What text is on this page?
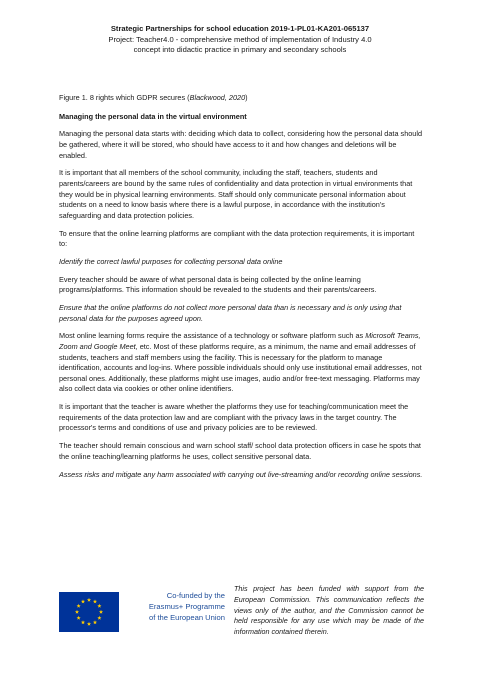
Strategic Partnerships for school education 2019-1-PL01-KA201-065137
Project: Teacher4.0 - comprehensive method of implementation of Industry 4.0
concept into didactic practice in primary and secondary schools

Figure 1. 8 rights which GDPR secures (Blackwood, 2020)

Managing the personal data in the virtual environment

Managing the personal data starts with: deciding which data to collect, considering how the personal data should be gathered, where it will be stored, who should have access to it and how changes and deletions will be enabled.

It is important that all members of the school community, including the staff, teachers, students and parents/careers are bound by the same rules of confidentiality and data protection in virtual environments that they would be in physical learning environments. Staff should only communicate personal information about students on a need to know basis where there is a lawful purpose, in accordance with the institution's safeguarding and data protection policies.

To ensure that the online learning platforms are compliant with the data protection requirements, it is important to:

Identify the correct lawful purposes for collecting personal data online

Every teacher should be aware of what personal data is being collected by the online learning programs/platforms. This information should be revealed to the students and their parents/careers.

Ensure that the online platforms do not collect more personal data than is necessary and is only using that personal data for the purposes agreed upon.

Most online learning forms require the assistance of a technology or software platform such as Microsoft Teams, Zoom and Google Meet, etc. Most of these platforms require, as a minimum, the name and email addresses of students, teachers and staff members using the facility. This is necessary for the platform to manage identification, accounts and log-ins. Where possible individuals should only use institutional email addresses, not personal ones. Additionally, these platforms might use images, audio and/or free-text messaging. Platforms may also collect data via cookies or other online identifiers.

It is important that the teacher is aware whether the platforms they use for teaching/communication meet the requirements of the data protection law and are compliant with the privacy laws in the target country. The processor's terms and conditions of use and privacy policies are to be reviewed.

The teacher should remain conscious and warn school staff/ school data protection officers in case he spots that the online teaching/learning platforms he uses, collect sensitive personal data.

Assess risks and mitigate any harm associated with carrying out live-streaming and/or recording online sessions.

Co-funded by the
Erasmus+ Programme
of the European Union
This project has been funded with support from the European Commission. This communication reflects the views only of the author, and the Commission cannot be held responsible for any use which may be made of the information contained therein.
